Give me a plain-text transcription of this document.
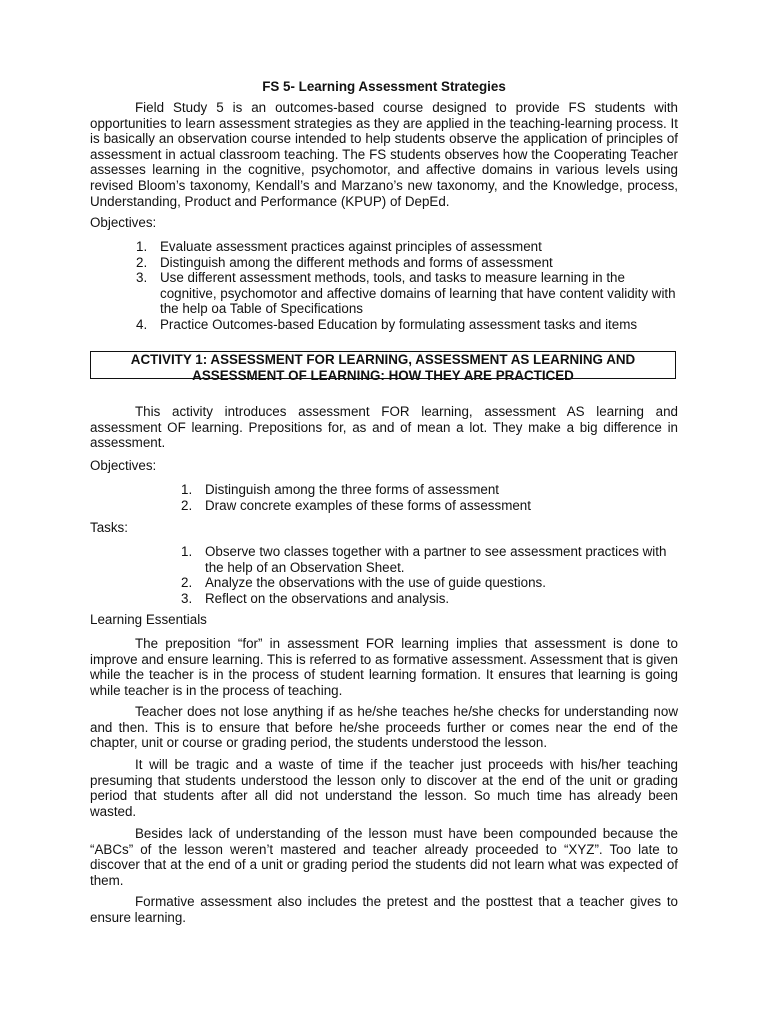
FS 5- Learning Assessment Strategies
Field Study 5 is an outcomes-based course designed to provide FS students with opportunities to learn assessment strategies as they are applied in the teaching-learning process. It is basically an observation course intended to help students observe the application of principles of assessment in actual classroom teaching. The FS students observes how the Cooperating Teacher assesses learning in the cognitive, psychomotor, and affective domains in various levels using revised Bloom’s taxonomy, Kendall’s and Marzano’s new taxonomy, and the Knowledge, process, Understanding, Product and Performance (KPUP) of DepEd.
Objectives:
1. Evaluate assessment practices against principles of assessment
2. Distinguish among the different methods and forms of assessment
3. Use different assessment methods, tools, and tasks to measure learning in the cognitive, psychomotor and affective domains of learning that have content validity with the help oa Table of Specifications
4. Practice Outcomes-based Education by formulating assessment tasks and items
ACTIVITY 1: ASSESSMENT FOR LEARNING, ASSESSMENT AS LEARNING AND
ASSESSMENT OF LEARNING: HOW THEY ARE PRACTICED
This activity introduces assessment FOR learning, assessment AS learning and assessment OF learning. Prepositions for, as and of mean a lot. They make a big difference in assessment.
Objectives:
1. Distinguish among the three forms of assessment
2. Draw concrete examples of these forms of assessment
Tasks:
1. Observe two classes together with a partner to see assessment practices with the help of an Observation Sheet.
2. Analyze the observations with the use of guide questions.
3. Reflect on the observations and analysis.
Learning Essentials
The preposition “for” in assessment FOR learning implies that assessment is done to improve and ensure learning. This is referred to as formative assessment. Assessment that is given while the teacher is in the process of student learning formation. It ensures that learning is going while teacher is in the process of teaching.
Teacher does not lose anything if as he/she teaches he/she checks for understanding now and then. This is to ensure that before he/she proceeds further or comes near the end of the chapter, unit or course or grading period, the students understood the lesson.
It will be tragic and a waste of time if the teacher just proceeds with his/her teaching presuming that students understood the lesson only to discover at the end of the unit or grading period that students after all did not understand the lesson. So much time has already been wasted.
Besides lack of understanding of the lesson must have been compounded because the “ABCs” of the lesson weren’t mastered and teacher already proceeded to “XYZ”. Too late to discover that at the end of a unit or grading period the students did not learn what was expected of them.
Formative assessment also includes the pretest and the posttest that a teacher gives to ensure learning.
